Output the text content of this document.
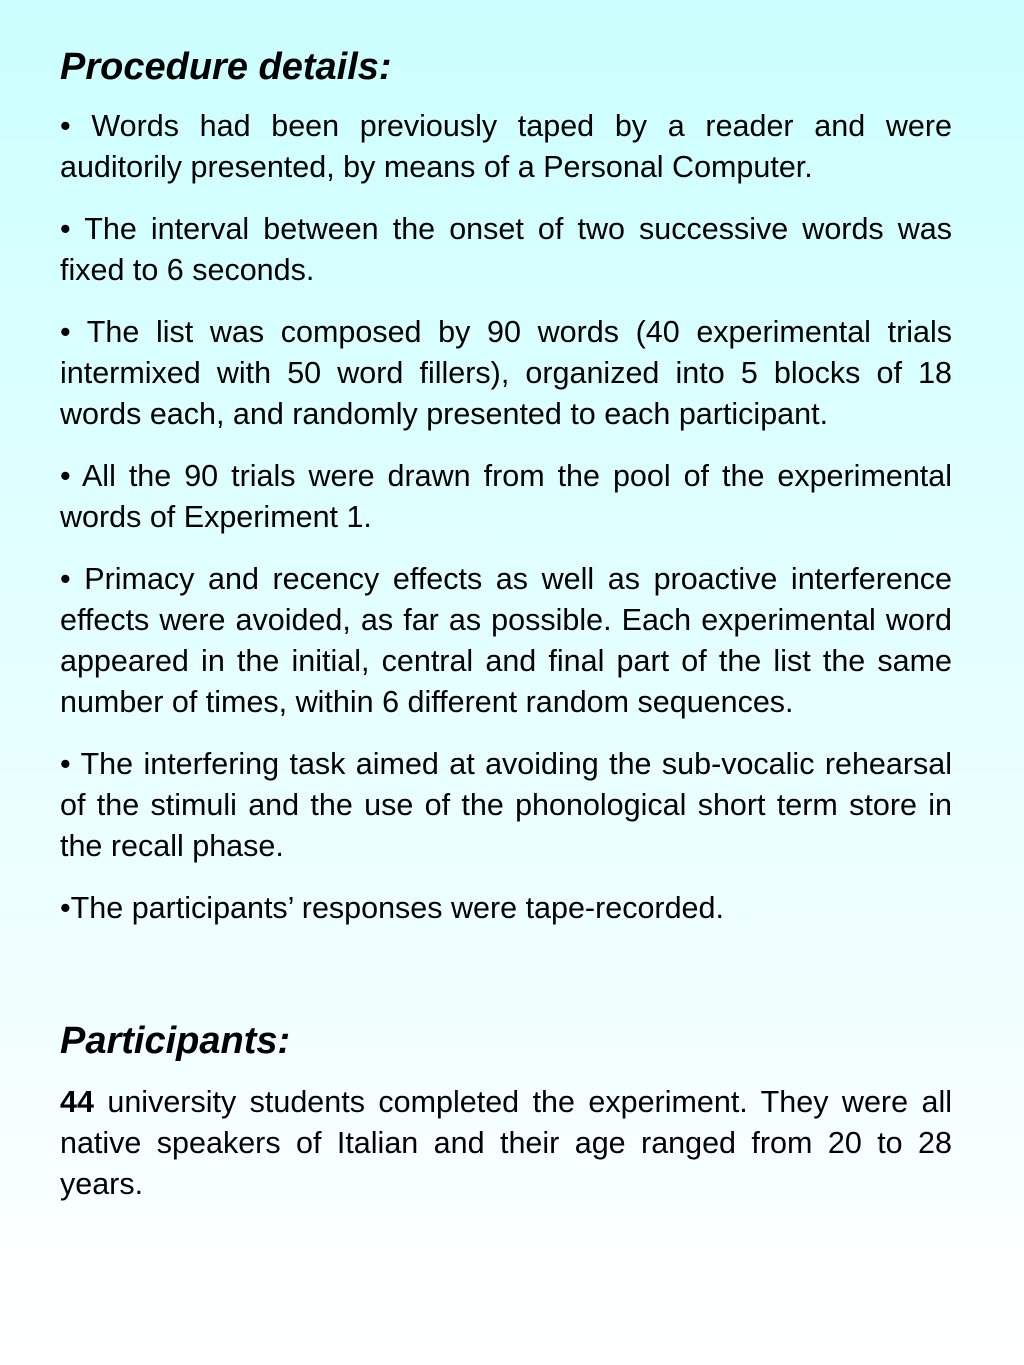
Procedure details:
• Words had been previously taped by a reader and were auditorily presented, by means of a Personal Computer.
• The interval between the onset of two successive words was fixed to 6 seconds.
• The list was composed by 90 words (40 experimental trials intermixed with 50 word fillers), organized into 5 blocks of 18 words each, and randomly presented to each participant.
• All the 90 trials were drawn from the pool of the experimental words of Experiment 1.
• Primacy and recency effects as well as proactive interference effects were avoided, as far as possible. Each experimental word appeared in the initial, central and final part of the list the same number of times, within 6 different random sequences.
• The interfering task aimed at avoiding the sub-vocalic rehearsal of the stimuli and the use of the phonological short term store in the recall phase.
•The participants’ responses were tape-recorded.
Participants:

44 university students completed the experiment. They were all native speakers of Italian and their age ranged from 20 to 28 years.
